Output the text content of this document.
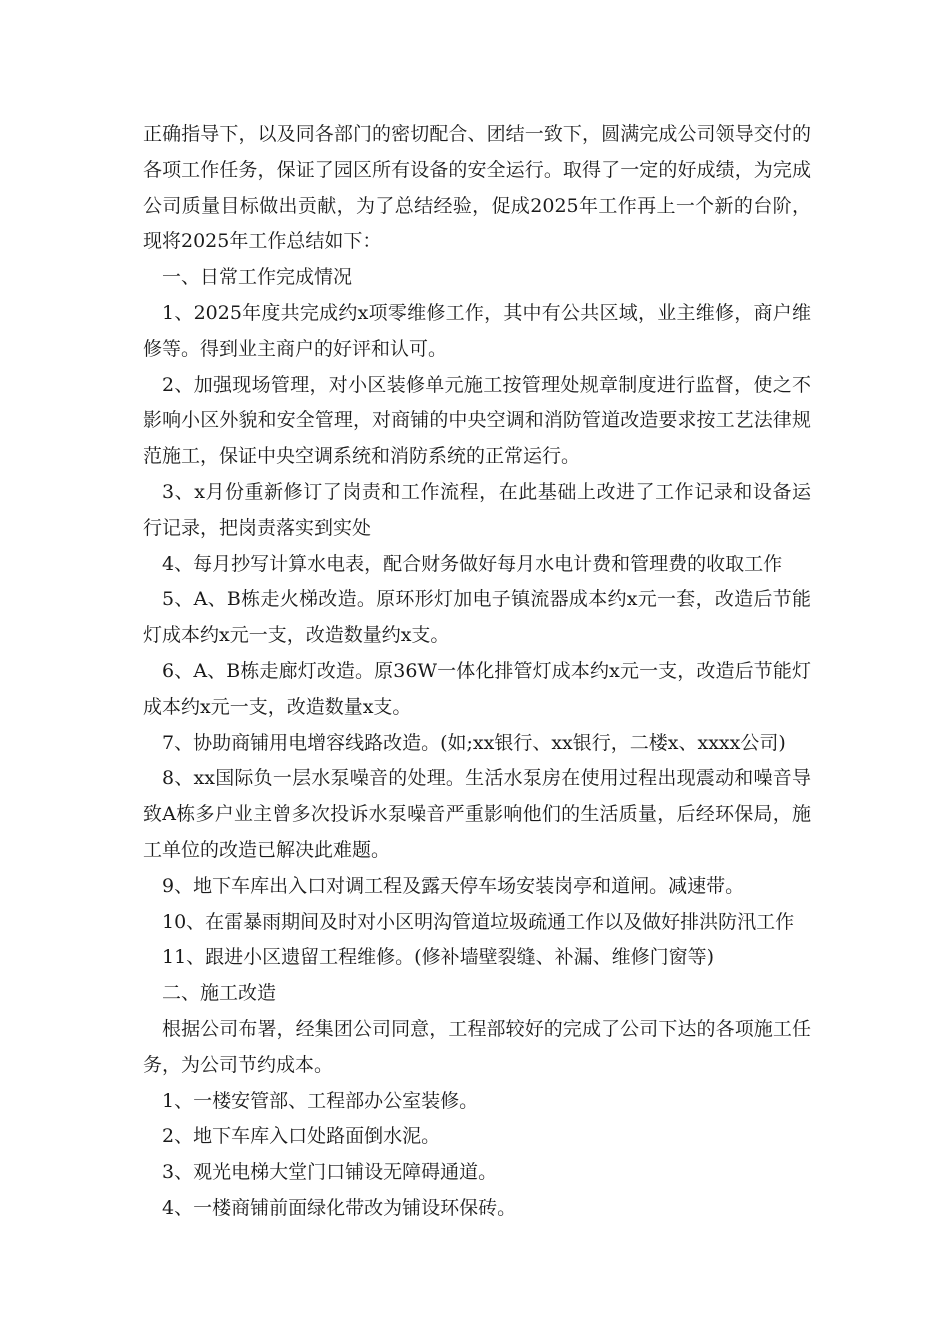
正确指导下，以及同各部门的密切配合、团结一致下，圆满完成公司领导交付的各项工作任务，保证了园区所有设备的安全运行。取得了一定的好成绩，为完成公司质量目标做出贡献，为了总结经验，促成2025年工作再上一个新的台阶，现将2025年工作总结如下：

一、日常工作完成情况

1、2025年度共完成约x项零维修工作，其中有公共区域，业主维修，商户维修等。得到业主商户的好评和认可。

2、加强现场管理，对小区装修单元施工按管理处规章制度进行监督，使之不影响小区外貌和安全管理，对商铺的中央空调和消防管道改造要求按工艺法律规范施工，保证中央空调系统和消防系统的正常运行。

3、x月份重新修订了岗责和工作流程，在此基础上改进了工作记录和设备运行记录，把岗责落实到实处

4、每月抄写计算水电表，配合财务做好每月水电计费和管理费的收取工作

5、A、B栋走火梯改造。原环形灯加电子镇流器成本约x元一套，改造后节能灯成本约x元一支，改造数量约x支。

6、A、B栋走廊灯改造。原36W一体化排管灯成本约x元一支，改造后节能灯成本约x元一支，改造数量x支。

7、协助商铺用电增容线路改造。(如;xx银行、xx银行，二楼x、xxxx公司)

8、xx国际负一层水泵噪音的处理。生活水泵房在使用过程出现震动和噪音导致A栋多户业主曾多次投诉水泵噪音严重影响他们的生活质量，后经环保局，施工单位的改造已解决此难题。

9、地下车库出入口对调工程及露天停车场安装岗亭和道闸。减速带。

10、在雷暴雨期间及时对小区明沟管道垃圾疏通工作以及做好排洪防汛工作

11、跟进小区遗留工程维修。(修补墙壁裂缝、补漏、维修门窗等)

二、施工改造

根据公司布署，经集团公司同意，工程部较好的完成了公司下达的各项施工任务，为公司节约成本。

1、一楼安管部、工程部办公室装修。

2、地下车库入口处路面倒水泥。

3、观光电梯大堂门口铺设无障碍通道。

4、一楼商铺前面绿化带改为铺设环保砖。
